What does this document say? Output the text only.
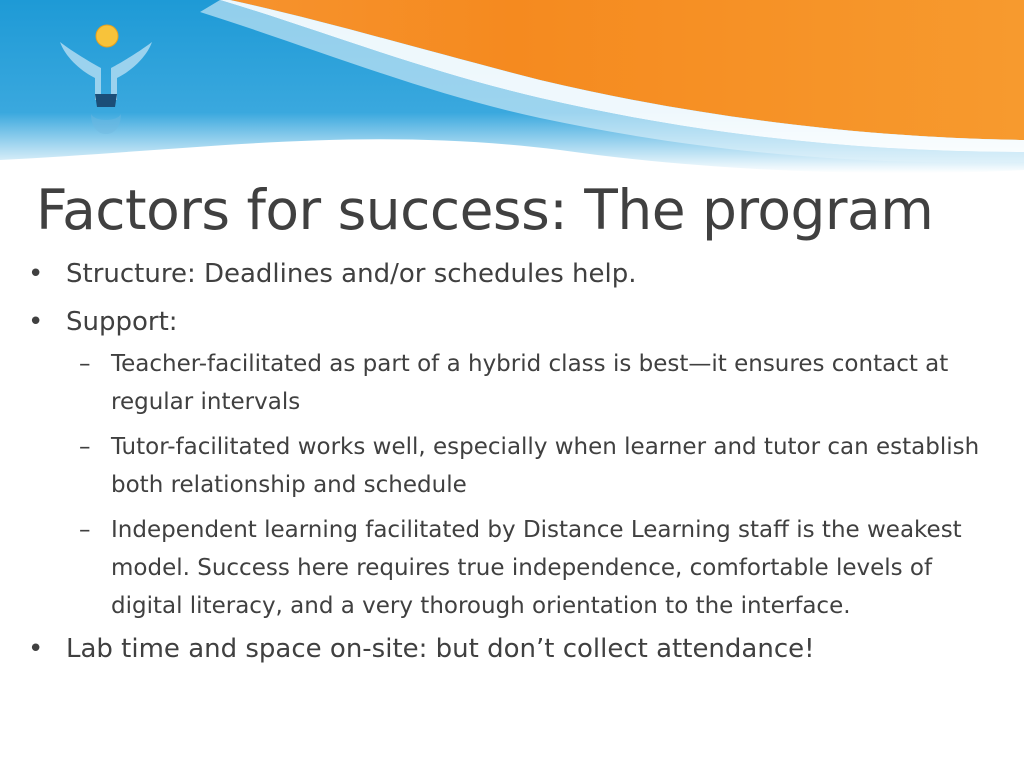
Factors for success: The program
• Structure: Deadlines and/or schedules help.
• Support:
– Teacher-facilitated as part of a hybrid class is best—it ensures contact at regular intervals
– Tutor-facilitated works well, especially when learner and tutor can establish both relationship and schedule
– Independent learning facilitated by Distance Learning staff is the weakest model. Success here requires true independence, comfortable levels of digital literacy, and a very thorough orientation to the interface.
• Lab time and space on-site: but don’t collect attendance!
